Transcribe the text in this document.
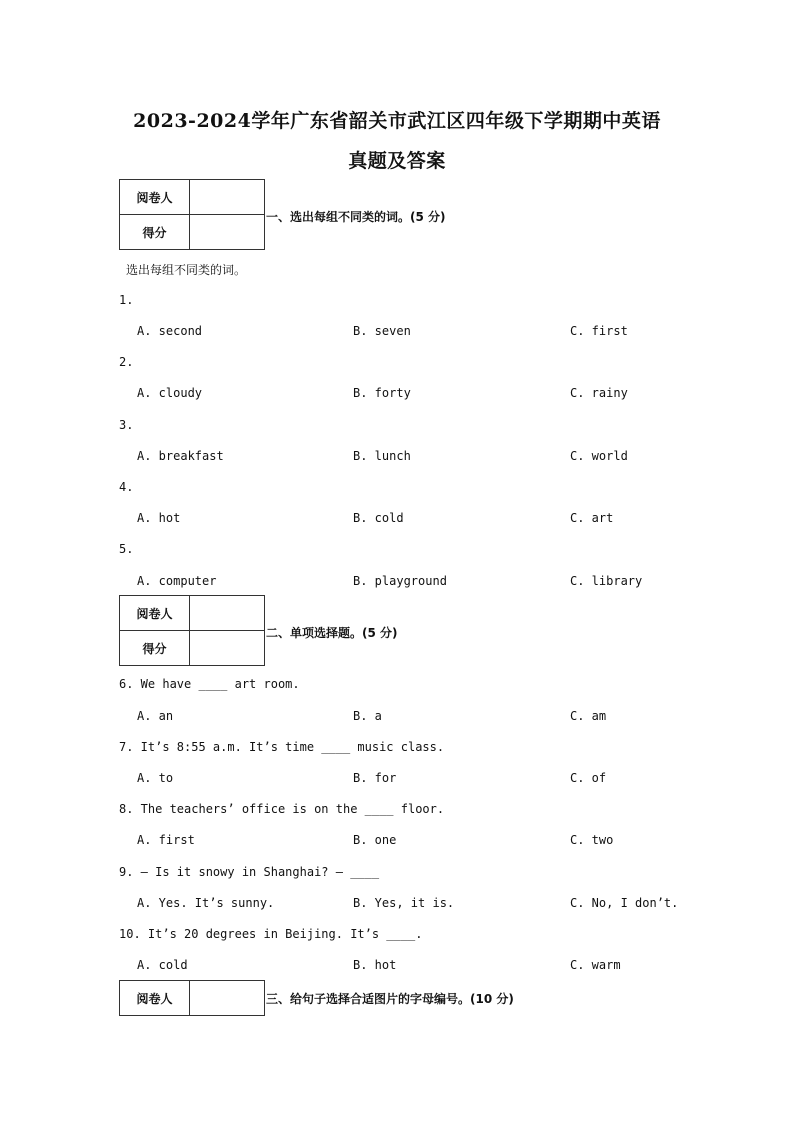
2023-2024学年广东省韶关市武江区四年级下学期期中英语
真题及答案
阅卷人	
得分	
一、选出每组不同类的词。(5 分)
选出每组不同类的词。
1.
A. second	B. seven	C. first
2.
A. cloudy	B. forty	C. rainy
3.
A. breakfast	B. lunch	C. world
4.
A. hot	B. cold	C. art
5.
A. computer	B. playground	C. library
阅卷人	
得分	
二、单项选择题。(5 分)
6. We have ____ art room.
A. an	B. a	C. am
7. It’s 8:55 a.m. It’s time ____ music class.
A. to	B. for	C. of
8. The teachers’ office is on the ____ floor.
A. first	B. one	C. two
9. — Is it snowy in Shanghai? — ____
A. Yes. It’s sunny.	B. Yes, it is.	C. No, I don’t.
10. It’s 20 degrees in Beijing. It’s ____.
A. cold	B. hot	C. warm
阅卷人		三、给句子选择合适图片的字母编号。(10 分)
